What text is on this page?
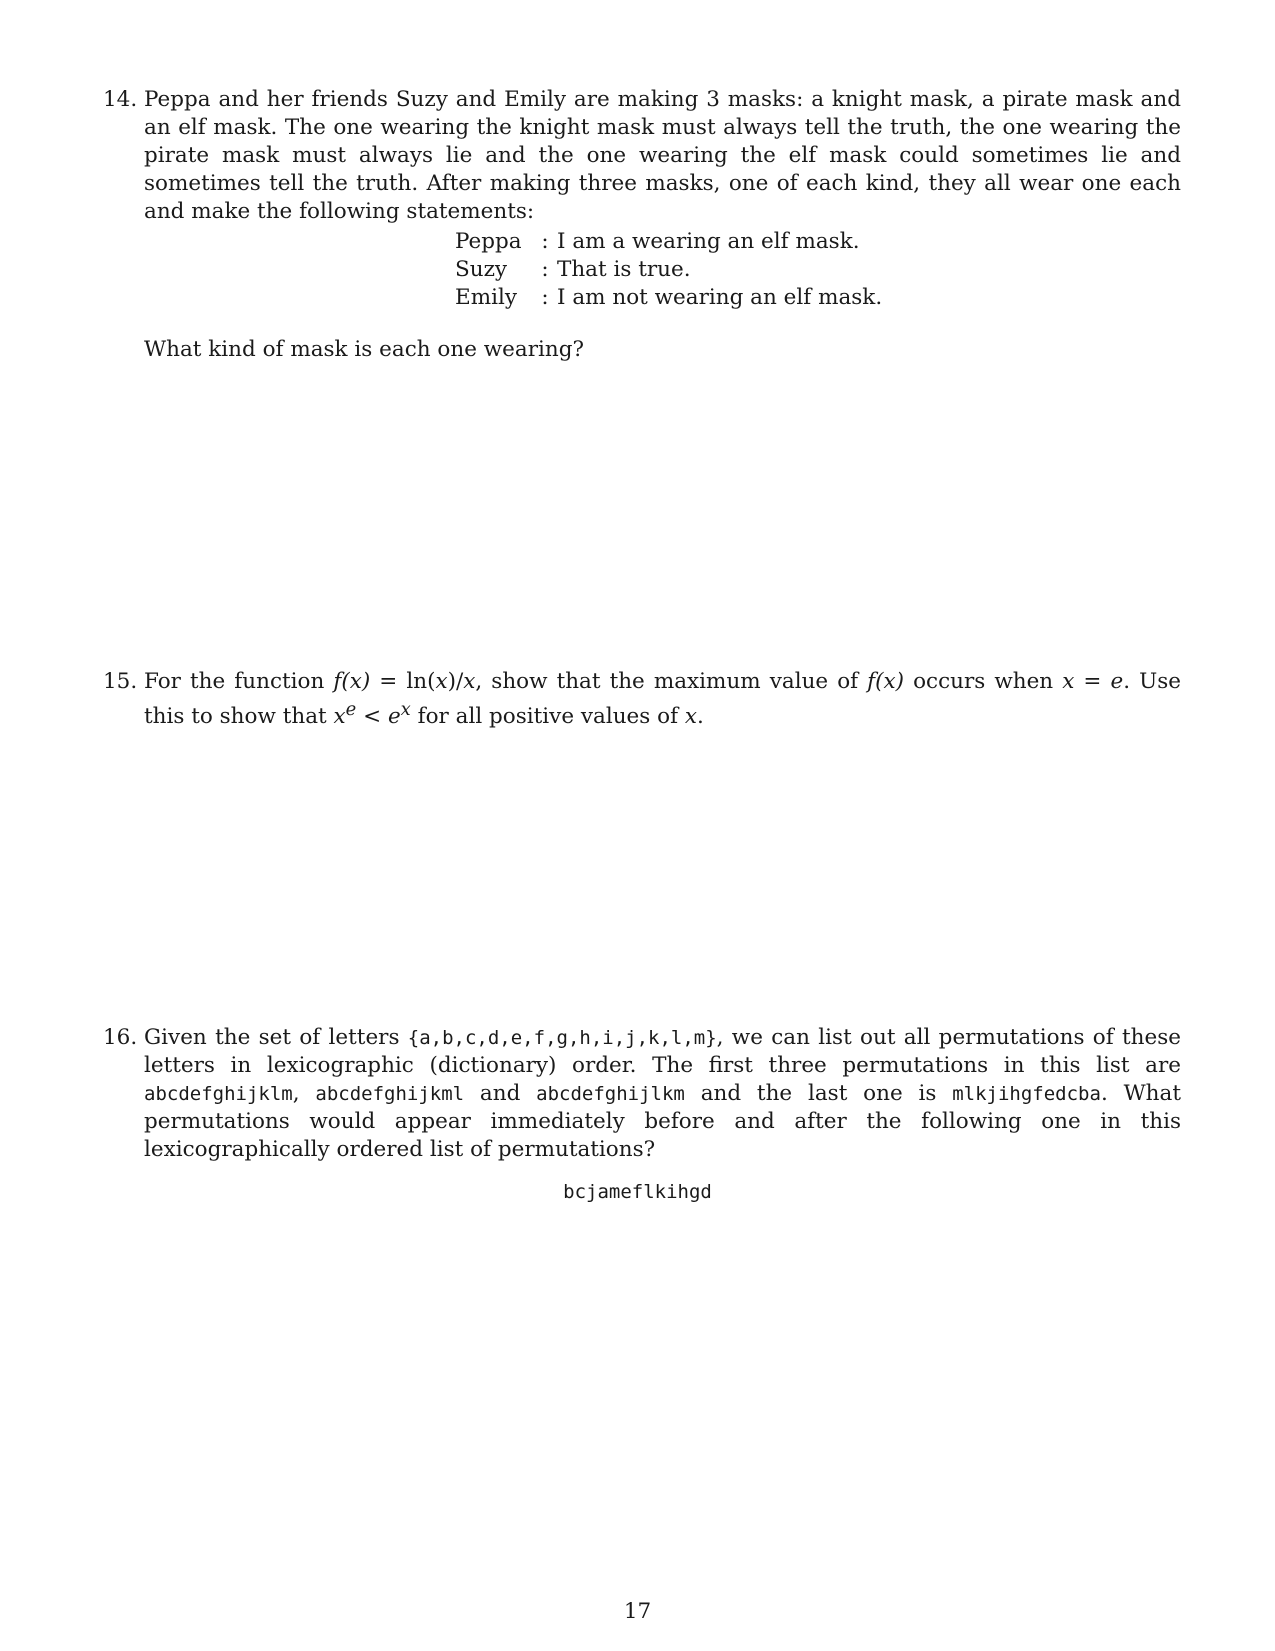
14. Peppa and her friends Suzy and Emily are making 3 masks: a knight mask, a pirate mask and an elf mask. The one wearing the knight mask must always tell the truth, the one wearing the pirate mask must always lie and the one wearing the elf mask could sometimes lie and sometimes tell the truth. After making three masks, one of each kind, they all wear one each and make the following statements:

Peppa	:	I am a wearing an elf mask.
Suzy	:	That is true.
Emily	:	I am not wearing an elf mask.

What kind of mask is each one wearing?

15. For the function f(x) = ln(x)/x, show that the maximum value of f(x) occurs when x = e. Use this to show that $x^e < e^x$ for all positive values of x.

16. Given the set of letters {a,b,c,d,e,f,g,h,i,j,k,l,m}, we can list out all permutations of these letters in lexicographic (dictionary) order. The first three permutations in this list are abcdefghijklm, abcdefghijkml and abcdefghijlkm and the last one is mlkjihgfedcba. What permutations would appear immediately before and after the following one in this lexicographically ordered list of permutations?

bcjameflkihgd
17
